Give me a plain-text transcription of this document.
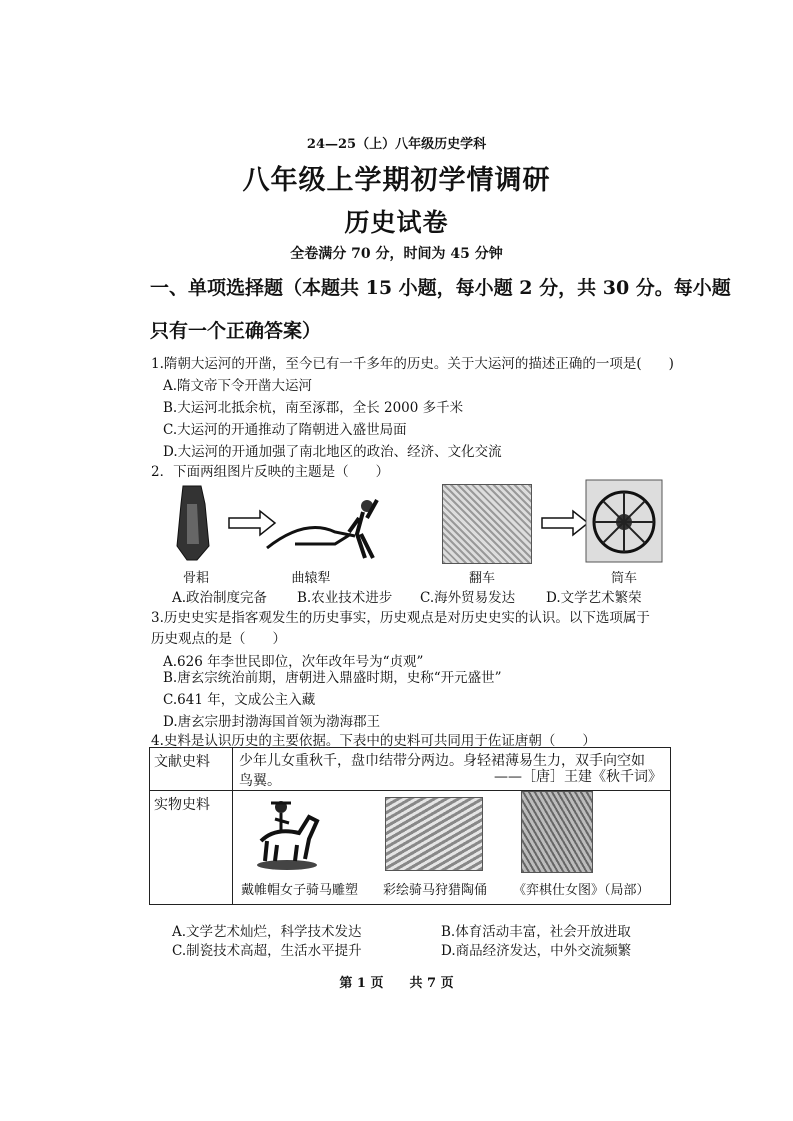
24—25（上）八年级历史学科
八年级上学期初学情调研
历史试卷
全卷满分 70 分，时间为 45 分钟
一、单项选择题（本题共 15 小题，每小题 2 分，共 30 分。每小题
只有一个正确答案）
1.隋朝大运河的开凿，至今已有一千多年的历史。关于大运河的描述正确的一项是(　　)
A.隋文帝下令开凿大运河
B.大运河北抵余杭，南至涿郡，全长 2000 多千米
C.大运河的开通推动了隋朝进入盛世局面
D.大运河的开通加强了南北地区的政治、经济、文化交流
2．下面两组图片反映的主题是（　　）
骨耜	曲辕犁	翻车	筒车
A.政治制度完备 B.农业技术进步 C.海外贸易发达 D.文学艺术繁荣
3.历史史实是指客观发生的历史事实，历史观点是对历史史实的认识。以下选项属于
历史观点的是（　　）
A.626 年李世民即位，次年改年号为“贞观”
B.唐玄宗统治前期，唐朝进入鼎盛时期，史称“开元盛世”
C.641 年，文成公主入藏
D.唐玄宗册封渤海国首领为渤海郡王
4.史料是认识历史的主要依据。下表中的史料可共同用于佐证唐朝（　　）
文献史料	少年儿女重秋千，盘巾结带分两边。身轻裙薄易生力，双手向空如
鸟翼。 ——［唐］王建《秋千词》

实物史料	戴帷帽女子骑马雕塑 彩绘骑马狩猎陶俑 《弈棋仕女图》（局部）
A.文学艺术灿烂，科学技术发达	B.体育活动丰富，社会开放进取
C.制瓷技术高超，生活水平提升	D.商品经济发达，中外交流频繁
第 1 页　　共 7 页
